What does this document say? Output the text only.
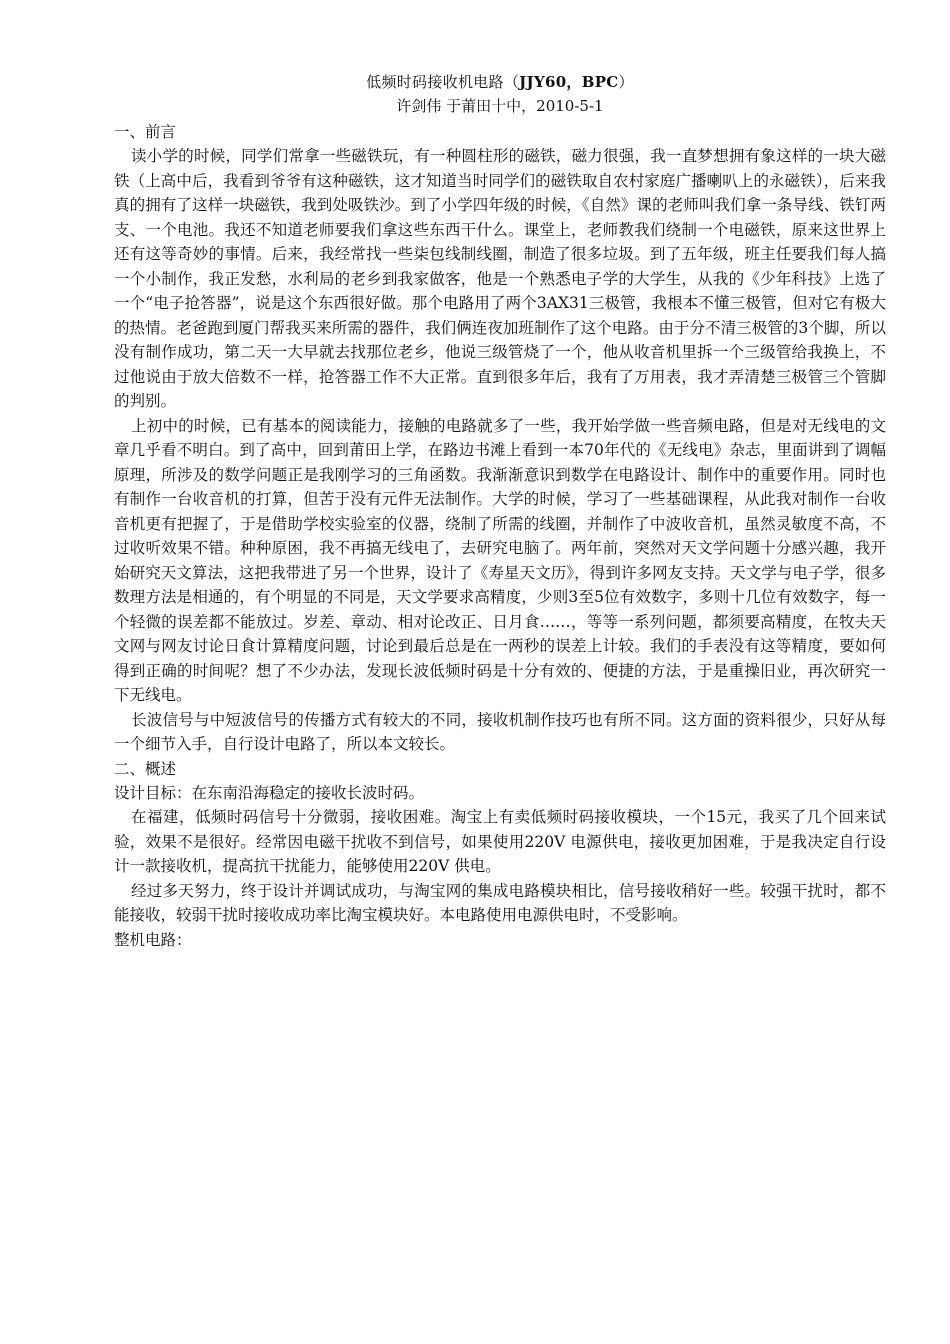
低频时码接收机电路（JJY60，BPC）
许剑伟 于莆田十中，2010-5-1
一、前言

读小学的时候，同学们常拿一些磁铁玩，有一种圆柱形的磁铁，磁力很强，我一直梦想拥有象这样的一块大磁铁（上高中后，我看到爷爷有这种磁铁，这才知道当时同学们的磁铁取自农村家庭广播喇叭上的永磁铁），后来我真的拥有了这样一块磁铁，我到处吸铁沙。到了小学四年级的时候，《自然》课的老师叫我们拿一条导线、铁钉两支、一个电池。我还不知道老师要我们拿这些东西干什么。课堂上，老师教我们绕制一个电磁铁，原来这世界上还有这等奇妙的事情。后来，我经常找一些柒包线制线圈，制造了很多垃圾。到了五年级，班主任要我们每人搞一个小制作，我正发愁，水利局的老乡到我家做客，他是一个熟悉电子学的大学生，从我的《少年科技》上选了一个“电子抢答器”，说是这个东西很好做。那个电路用了两个3AX31三极管，我根本不懂三极管，但对它有极大的热情。老爸跑到厦门帮我买来所需的器件，我们俩连夜加班制作了这个电路。由于分不清三极管的3个脚，所以没有制作成功，第二天一大早就去找那位老乡，他说三级管烧了一个，他从收音机里拆一个三级管给我换上，不过他说由于放大倍数不一样，抢答器工作不大正常。直到很多年后，我有了万用表，我才弄清楚三极管三个管脚的判别。

上初中的时候，已有基本的阅读能力，接触的电路就多了一些，我开始学做一些音频电路，但是对无线电的文章几乎看不明白。到了高中，回到莆田上学，在路边书滩上看到一本70年代的《无线电》杂志，里面讲到了调幅原理，所涉及的数学问题正是我刚学习的三角函数。我渐渐意识到数学在电路设计、制作中的重要作用。同时也有制作一台收音机的打算，但苦于没有元件无法制作。大学的时候，学习了一些基础课程，从此我对制作一台收音机更有把握了，于是借助学校实验室的仪器，绕制了所需的线圈，并制作了中波收音机，虽然灵敏度不高，不过收听效果不错。种种原困，我不再搞无线电了，去研究电脑了。两年前，突然对天文学问题十分感兴趣，我开始研究天文算法，这把我带进了另一个世界，设计了《寿星天文历》，得到许多网友支持。天文学与电子学，很多数理方法是相通的，有个明显的不同是，天文学要求高精度，少则3至5位有效数字，多则十几位有效数字，每一个轻微的误差都不能放过。岁差、章动、相对论改正、日月食……，等等一系列问题，都须要高精度，在牧夫天文网与网友讨论日食计算精度问题，讨论到最后总是在一两秒的误差上计较。我们的手表没有这等精度，要如何得到正确的时间呢？想了不少办法，发现长波低频时码是十分有效的、便捷的方法，于是重操旧业，再次研究一下无线电。

长波信号与中短波信号的传播方式有较大的不同，接收机制作技巧也有所不同。这方面的资料很少，只好从每一个细节入手，自行设计电路了，所以本文较长。

二、概述

设计目标：在东南沿海稳定的接收长波时码。

在福建，低频时码信号十分微弱，接收困难。淘宝上有卖低频时码接收模块，一个15元，我买了几个回来试验，效果不是很好。经常因电磁干扰收不到信号，如果使用220V 电源供电，接收更加困难，于是我决定自行设计一款接收机，提高抗干扰能力，能够使用220V 供电。

经过多天努力，终于设计并调试成功，与淘宝网的集成电路模块相比，信号接收稍好一些。较强干扰时，都不能接收，较弱干扰时接收成功率比淘宝模块好。本电路使用电源供电时，不受影响。

整机电路：
